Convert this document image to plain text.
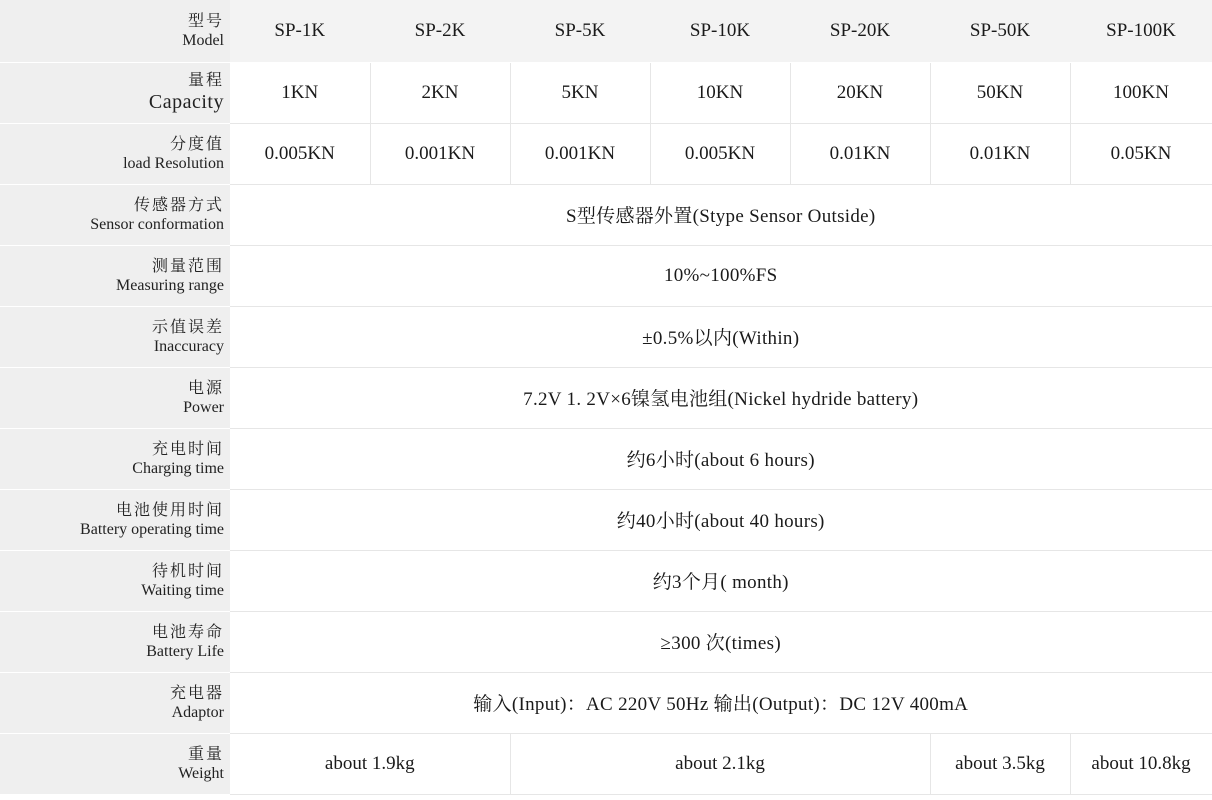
型号
Model	SP-1K	SP-2K	SP-5K	SP-10K	SP-20K	SP-50K	SP-100K

量程
Capacity	1KN	2KN	5KN	10KN	20KN	50KN	100KN

分度值
load Resolution	0.005KN	0.001KN	0.001KN	0.005KN	0.01KN	0.01KN	0.05KN

传感器方式
Sensor conformation	S型传感器外置(Stype Sensor Outside)						

测量范围
Measuring range	10%~100%FS						

示值误差
Inaccuracy	±0.5%以内(Within)						

电源
Power	7.2V 1. 2V×6镍氢电池组(Nickel hydride battery)						

充电时间
Charging time	约6小时(about 6 hours)						

电池使用时间
Battery operating time	约40小时(about 40 hours)						

待机时间
Waiting time	约3个月( month)						

电池寿命
Battery Life	≥300 次(times)						

充电器
Adaptor	输入(Input)：AC 220V 50Hz 输出(Output)：DC 12V 400mA						

重量
Weight	about 1.9kg		about 2.1kg			about 3.5kg	about 10.8kg
